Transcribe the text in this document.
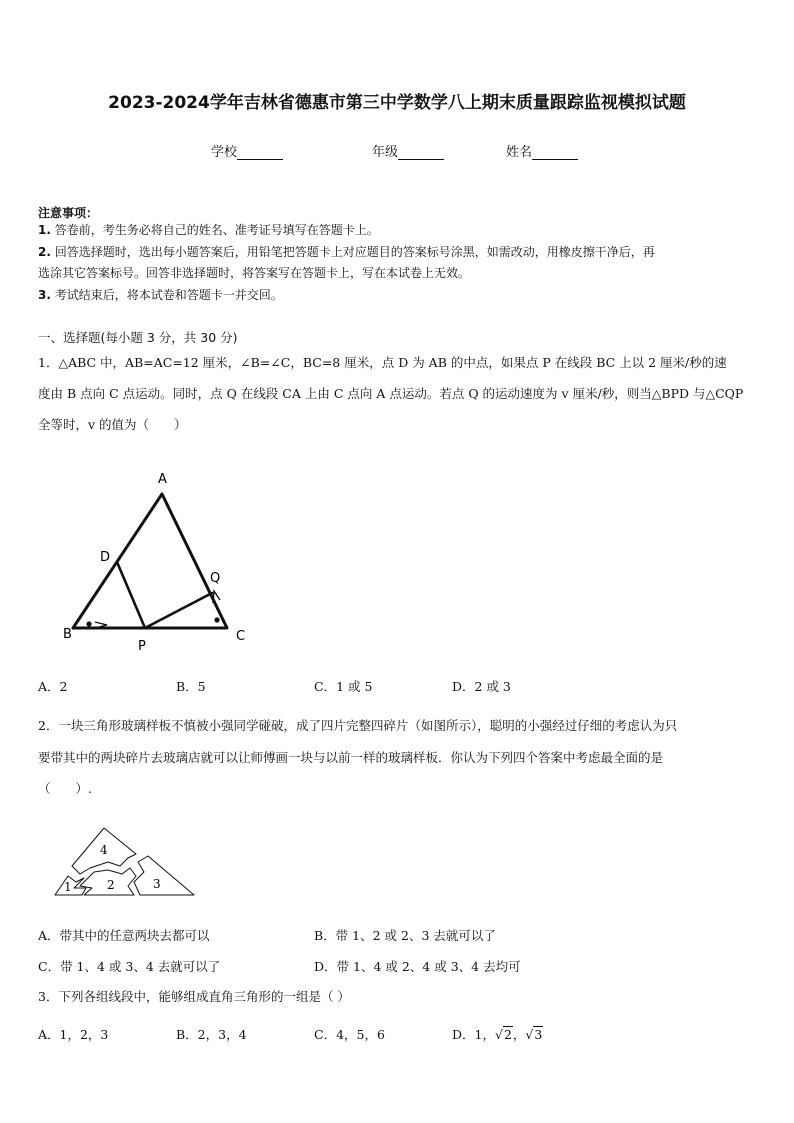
2023-2024学年吉林省德惠市第三中学数学八上期末质量跟踪监视模拟试题
学校	年级	姓名
注意事项：
1. 答卷前，考生务必将自己的姓名、准考证号填写在答题卡上。
2. 回答选择题时，选出每小题答案后，用铅笔把答题卡上对应题目的答案标号涂黑，如需改动，用橡皮擦干净后，再
选涂其它答案标号。回答非选择题时，将答案写在答题卡上，写在本试卷上无效。
3. 考试结束后，将本试卷和答题卡一并交回。
一、选择题(每小题 3 分，共 30 分)
1．△ABC 中，AB=AC=12 厘米，∠B=∠C，BC=8 厘米，点 D 为 AB 的中点，如果点 P 在线段 BC 上以 2 厘米/秒的速
度由 B 点向 C 点运动。同时，点 Q 在线段 CA 上由 C 点向 A 点运动。若点 Q 的运动速度为 v 厘米/秒，则当△BPD 与△CQP
全等时，v 的值为（　　）
A
B	C
D
P
Q
A．2	B．5	C．1 或 5	D．2 或 3
2．一块三角形玻璃样板不慎被小强同学碰破，成了四片完整四碎片（如图所示），聪明的小强经过仔细的考虑认为只
要带其中的两块碎片去玻璃店就可以让师傅画一块与以前一样的玻璃样板．你认为下列四个答案中考虑最全面的是
（　　）.
4
1	2	3
A．带其中的任意两块去都可以	B．带 1、2 或 2、3 去就可以了
C．带 1、4 或 3、4 去就可以了	D．带 1、4 或 2、4 或 3、4 去均可
3．下列各组线段中，能够组成直角三角形的一组是（ ）
A．1，2，3	B．2，3，4	C．4，5，6	D．1，√2，√3
